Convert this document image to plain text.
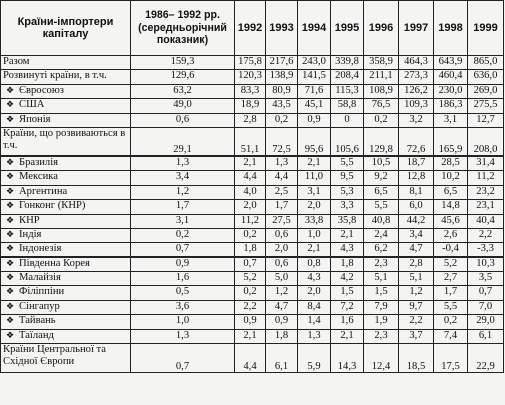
Країни-імпортери капіталу	1986– 1992 рр. (середньорічний показник)	1992	1993	1994	1995	1996	1997	1998	1999
Разом	159,3	175,8	217,6	243,0	339,8	358,9	464,3	643,9	865,0
Розвинуті країни, в т.ч.	129,6	120,3	138,9	141,5	208,4	211,1	273,3	460,4	636,0
❖ Євросоюз	63,2	83,3	80,9	71,6	115,3	108,9	126,2	230,0	269,0
❖ США	49,0	18,9	43,5	45,1	58,8	76,5	109,3	186,3	275,5
❖ Японія	0,6	2,8	0,2	0,9	0	0,2	3,2	3,1	12,7
Країни, що розвиваються в т.ч.	29,1	51,1	72,5	95,6	105,6	129,8	72,6	165,9	208,0
❖ Бразилія	1,3	2,1	1,3	2,1	5,5	10,5	18,7	28,5	31,4
❖ Мексика	3,4	4,4	4,4	11,0	9,5	9,2	12,8	10,2	11,2
❖ Аргентина	1,2	4,0	2,5	3,1	5,3	6,5	8,1	6,5	23,2
❖ Гонконг (КНР)	1,7	2,0	1,7	2,0	3,3	5,5	6,0	14,8	23,1
❖ КНР	3,1	11,2	27,5	33,8	35,8	40,8	44,2	45,6	40,4
❖ Індія	0,2	0,2	0,6	1,0	2,1	2,4	3,4	2,6	2,2
❖ Індонезія	0,7	1,8	2,0	2,1	4,3	6,2	4,7	-0,4	-3,3
❖ Південна Корея	0,9	0,7	0,6	0,8	1,8	2,3	2,8	5,2	10,3
❖ Малайзія	1,6	5,2	5,0	4,3	4,2	5,1	5,1	2,7	3,5
❖ Філіппіни	0,5	0,2	1,2	2,0	1,5	1,5	1,2	1,7	0,7
❖ Сінгапур	3,6	2,2	4,7	8,4	7,2	7,9	9,7	5,5	7,0
❖ Тайвань	1,0	0,9	0,9	1,4	1,6	1,9	2,2	0,2	29,0
❖ Таїланд	1,3	2,1	1,8	1,3	2,1	2,3	3,7	7,4	6,1
Країни Центральної та Східної Європи	0,7	4,4	6,1	5,9	14,3	12,4	18,5	17,5	22,9
